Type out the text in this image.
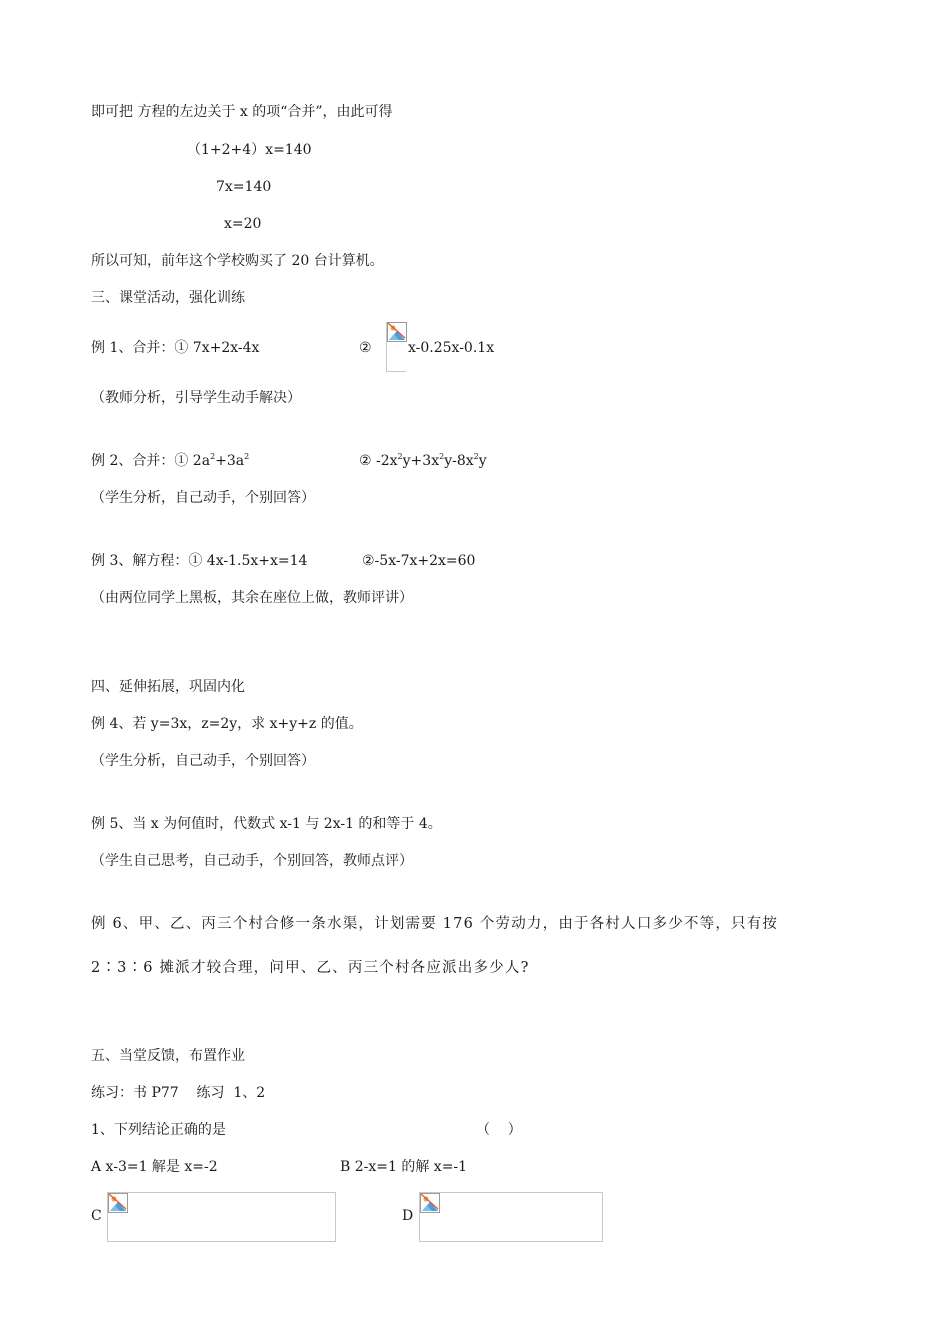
即可把 方程的左边关于 x 的项“合并”，由此可得
（1+2+4）x=140
7x=140
x=20
所以可知，前年这个学校购买了 20 台计算机。
三、课堂活动，强化训练
例 1、合并：① 7x+2x-4x	②	x-0.25x-0.1x
（教师分析，引导学生动手解决）
例 2、合并：① $2a^2+3a^2$	② $-2x^2y+3x^2y-8x^2y$
（学生分析，自己动手，个别回答）
例 3、解方程：① 4x-1.5x+x=14	②-5x-7x+2x=60
（由两位同学上黑板，其余在座位上做，教师评讲）
四、延伸拓展，巩固内化
例 4、若 y=3x，z=2y，求 x+y+z 的值。
（学生分析，自己动手，个别回答）
例 5、当 x 为何值时，代数式 x-1 与 2x-1 的和等于 4。
（学生自己思考，自己动手，个别回答，教师点评）
例 6、甲、乙、丙三个村合修一条水渠，计划需要 176 个劳动力，由于各村人口多少不等，只有按
2∶3∶6 摊派才较合理，问甲、乙、丙三个村各应派出多少人?
五、当堂反馈，布置作业
练习：书 P77    练习  1、2
1、下列结论正确的是	（    ）
A x-3=1 解是 x=-2	B 2-x=1 的解 x=-1
C	D
